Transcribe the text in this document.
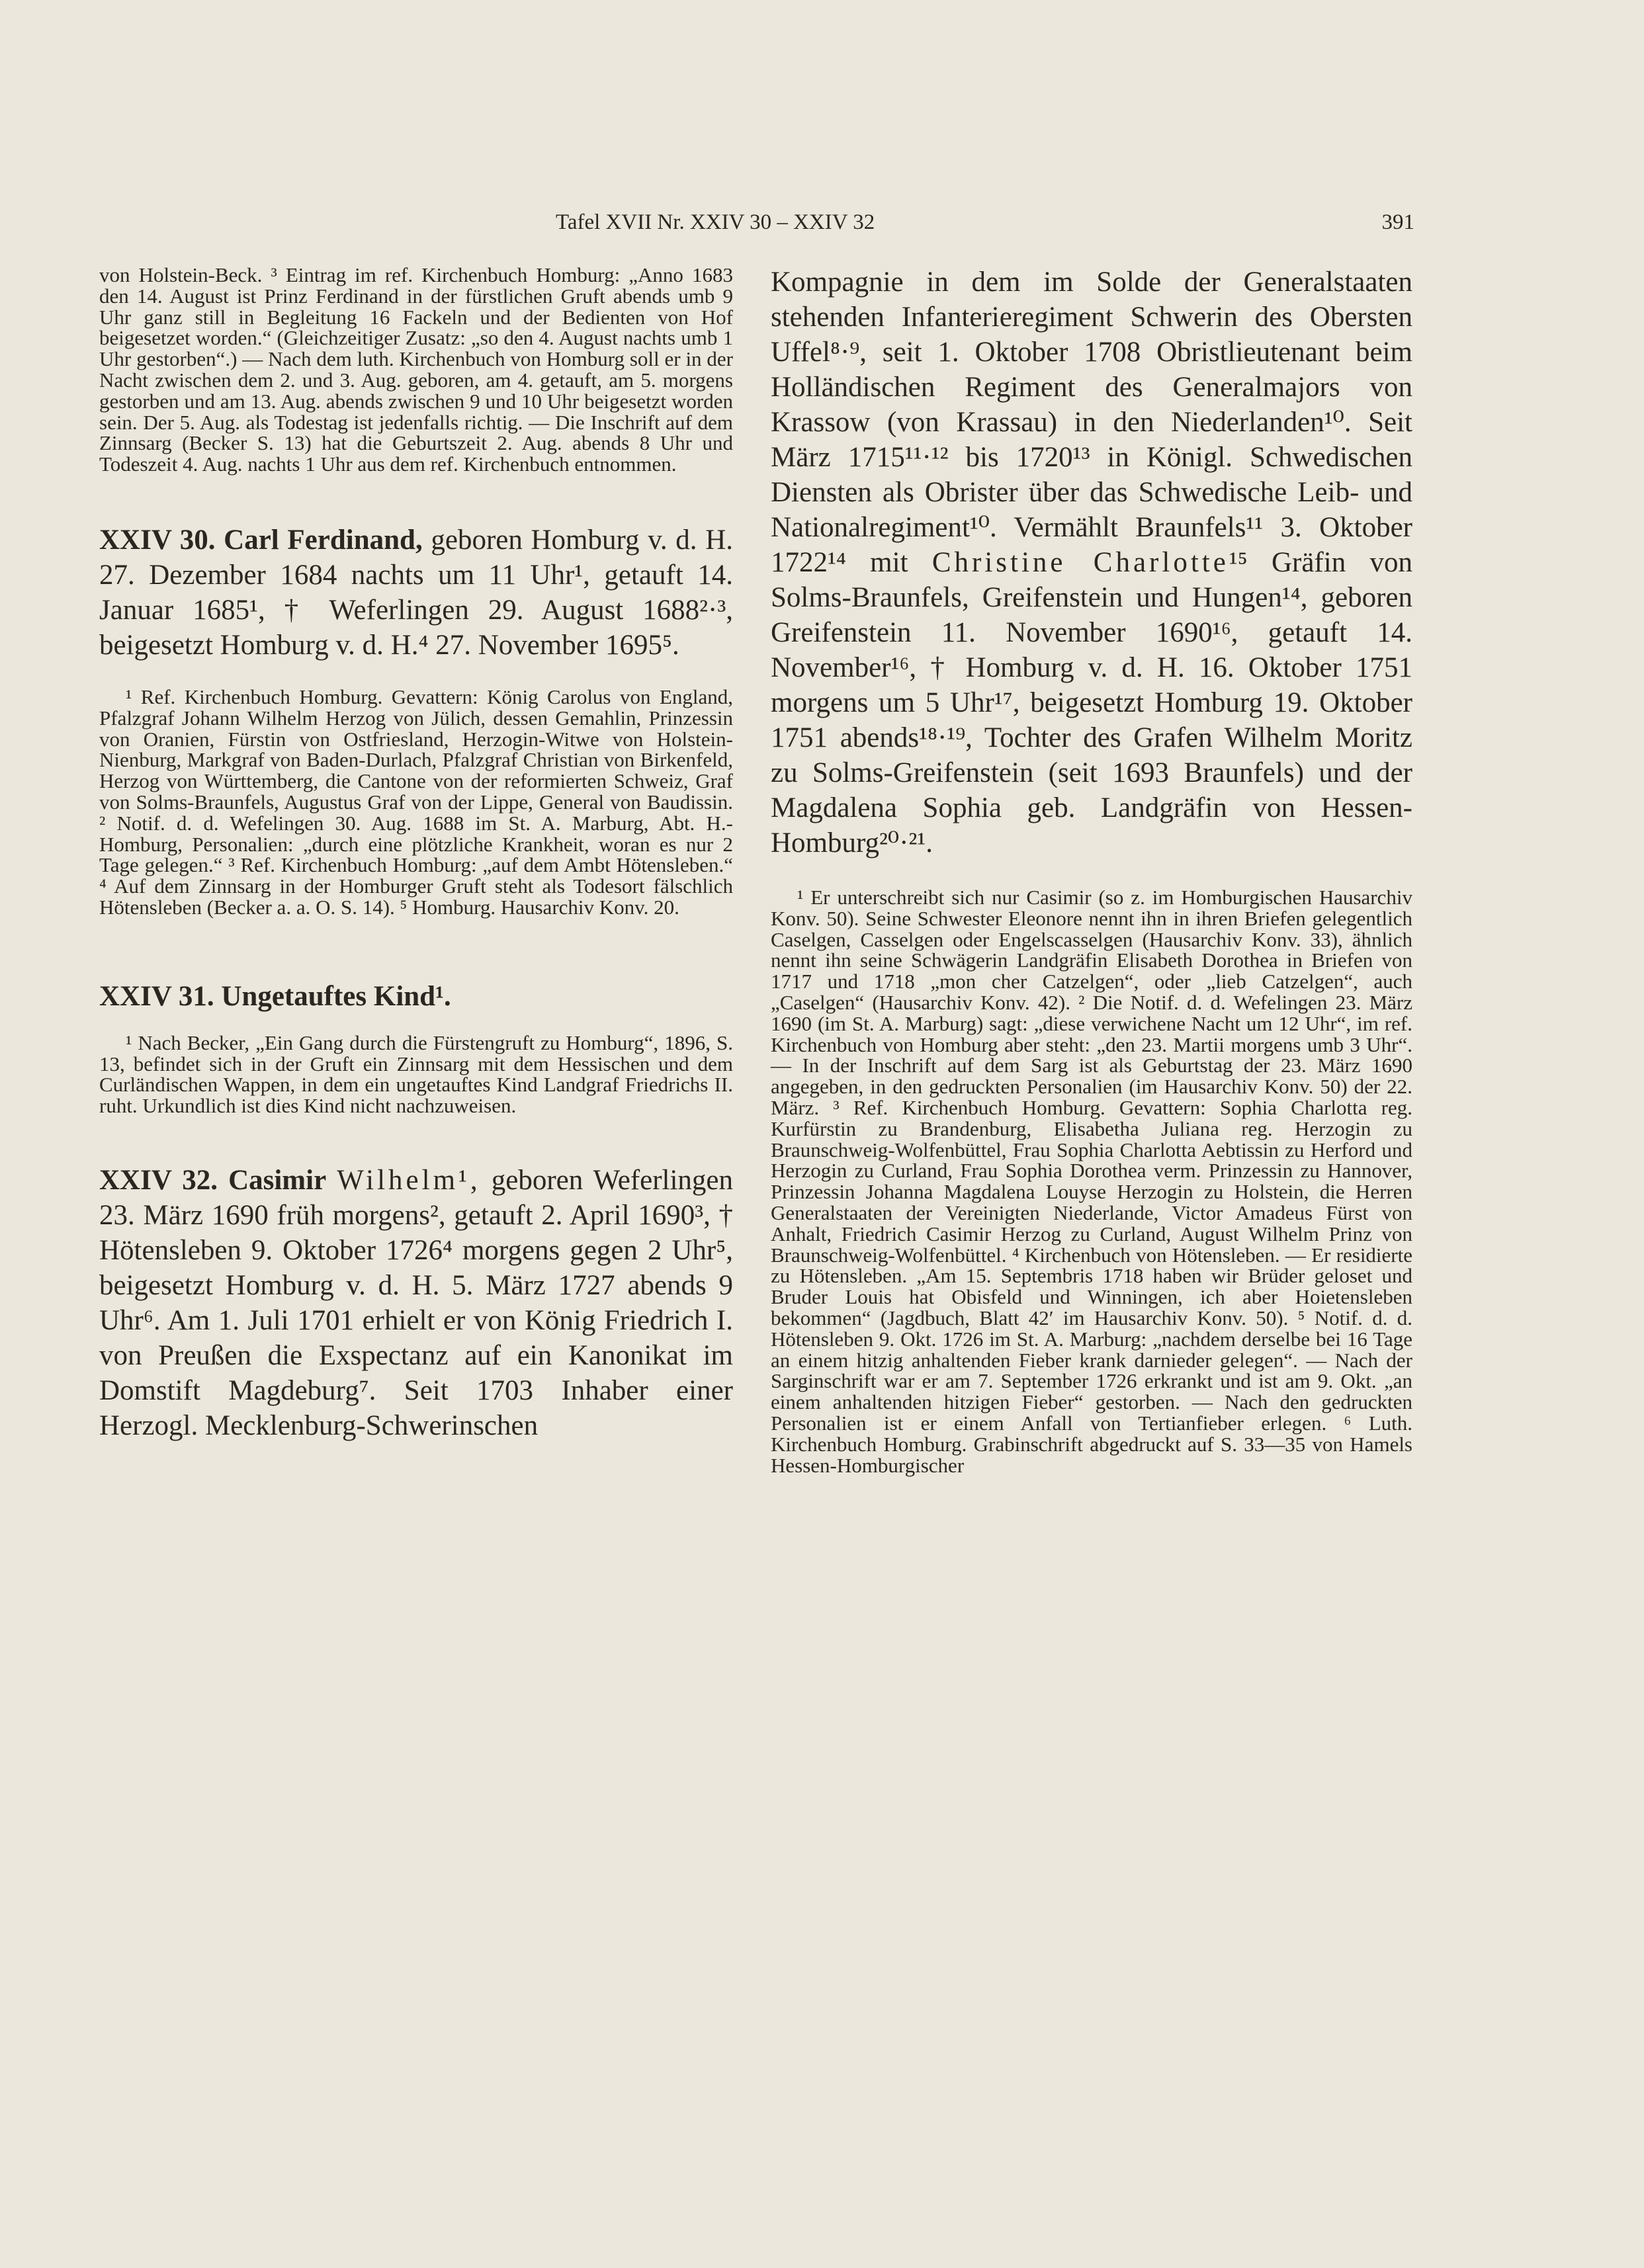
Tafel XVII Nr. XXIV 30 – XXIV 32	391

von Holstein-Beck. ³ Eintrag im ref. Kirchenbuch Homburg: „Anno 1683 den 14. August ist Prinz Ferdinand in der fürstlichen Gruft abends umb 9 Uhr ganz still in Begleitung 16 Fackeln und der Bedienten von Hof beigesetzet worden.“ (Gleichzeitiger Zusatz: „so den 4. August nachts umb 1 Uhr gestorben“.) — Nach dem luth. Kirchenbuch von Homburg soll er in der Nacht zwischen dem 2. und 3. Aug. geboren, am 4. getauft, am 5. morgens gestorben und am 13. Aug. abends zwischen 9 und 10 Uhr beigesetzt worden sein. Der 5. Aug. als Todestag ist jedenfalls richtig. — Die Inschrift auf dem Zinnsarg (Becker S. 13) hat die Geburtszeit 2. Aug. abends 8 Uhr und Todeszeit 4. Aug. nachts 1 Uhr aus dem ref. Kirchenbuch entnommen.

XXIV 30. Carl Ferdinand, geboren Homburg v. d. H. 27. Dezember 1684 nachts um 11 Uhr¹, getauft 14. Januar 1685¹, † Weferlingen 29. August 1688²·³, beigesetzt Homburg v. d. H.⁴ 27. November 1695⁵.

¹ Ref. Kirchenbuch Homburg. Gevattern: König Carolus von England, Pfalzgraf Johann Wilhelm Herzog von Jülich, dessen Gemahlin, Prinzessin von Oranien, Fürstin von Ostfriesland, Herzogin-Witwe von Holstein-Nienburg, Markgraf von Baden-Durlach, Pfalzgraf Christian von Birkenfeld, Herzog von Württemberg, die Cantone von der reformierten Schweiz, Graf von Solms-Braunfels, Augustus Graf von der Lippe, General von Baudissin. ² Notif. d. d. Wefelingen 30. Aug. 1688 im St. A. Marburg, Abt. H.-Homburg, Personalien: „durch eine plötzliche Krankheit, woran es nur 2 Tage gelegen.“ ³ Ref. Kirchenbuch Homburg: „auf dem Ambt Hötensleben.“ ⁴ Auf dem Zinnsarg in der Homburger Gruft steht als Todesort fälschlich Hötensleben (Becker a. a. O. S. 14). ⁵ Homburg. Hausarchiv Konv. 20.

XXIV 31. Ungetauftes Kind¹.

¹ Nach Becker, „Ein Gang durch die Fürstengruft zu Homburg“, 1896, S. 13, befindet sich in der Gruft ein Zinnsarg mit dem Hessischen und dem Curländischen Wappen, in dem ein ungetauftes Kind Landgraf Friedrichs II. ruht. Urkundlich ist dies Kind nicht nachzuweisen.

XXIV 32. Casimir Wilhelm¹, geboren Weferlingen 23. März 1690 früh morgens², getauft 2. April 1690³, † Hötensleben 9. Oktober 1726⁴ morgens gegen 2 Uhr⁵, beigesetzt Homburg v. d. H. 5. März 1727 abends 9 Uhr⁶. Am 1. Juli 1701 erhielt er von König Friedrich I. von Preußen die Exspectanz auf ein Kanonikat im Domstift Magdeburg⁷. Seit 1703 Inhaber einer Herzogl. Mecklenburg-Schwerinschen

Kompagnie in dem im Solde der Generalstaaten stehenden Infanterieregiment Schwerin des Obersten Uffel⁸·⁹, seit 1. Oktober 1708 Obristlieutenant beim Holländischen Regiment des Generalmajors von Krassow (von Krassau) in den Niederlanden¹⁰. Seit März 1715¹¹·¹² bis 1720¹³ in Königl. Schwedischen Diensten als Obrister über das Schwedische Leib- und Nationalregiment¹⁰. Vermählt Braunfels¹¹ 3. Oktober 1722¹⁴ mit Christine Charlotte¹⁵ Gräfin von Solms-Braunfels, Greifenstein und Hungen¹⁴, geboren Greifenstein 11. November 1690¹⁶, getauft 14. November¹⁶, † Homburg v. d. H. 16. Oktober 1751 morgens um 5 Uhr¹⁷, beigesetzt Homburg 19. Oktober 1751 abends¹⁸·¹⁹, Tochter des Grafen Wilhelm Moritz zu Solms-Greifenstein (seit 1693 Braunfels) und der Magdalena Sophia geb. Landgräfin von Hessen-Homburg²⁰·²¹.

¹ Er unterschreibt sich nur Casimir (so z. im Homburgischen Hausarchiv Konv. 50). Seine Schwester Eleonore nennt ihn in ihren Briefen gelegentlich Caselgen, Casselgen oder Engelscasselgen (Hausarchiv Konv. 33), ähnlich nennt ihn seine Schwägerin Landgräfin Elisabeth Dorothea in Briefen von 1717 und 1718 „mon cher Catzelgen“, oder „lieb Catzelgen“, auch „Caselgen“ (Hausarchiv Konv. 42). ² Die Notif. d. d. Wefelingen 23. März 1690 (im St. A. Marburg) sagt: „diese verwichene Nacht um 12 Uhr“, im ref. Kirchenbuch von Homburg aber steht: „den 23. Martii morgens umb 3 Uhr“. — In der Inschrift auf dem Sarg ist als Geburtstag der 23. März 1690 angegeben, in den gedruckten Personalien (im Hausarchiv Konv. 50) der 22. März. ³ Ref. Kirchenbuch Homburg. Gevattern: Sophia Charlotta reg. Kurfürstin zu Brandenburg, Elisabetha Juliana reg. Herzogin zu Braunschweig-Wolfenbüttel, Frau Sophia Charlotta Aebtissin zu Herford und Herzogin zu Curland, Frau Sophia Dorothea verm. Prinzessin zu Hannover, Prinzessin Johanna Magdalena Louyse Herzogin zu Holstein, die Herren Generalstaaten der Vereinigten Niederlande, Victor Amadeus Fürst von Anhalt, Friedrich Casimir Herzog zu Curland, August Wilhelm Prinz von Braunschweig-Wolfenbüttel. ⁴ Kirchenbuch von Hötensleben. — Er residierte zu Hötensleben. „Am 15. Septembris 1718 haben wir Brüder geloset und Bruder Louis hat Obisfeld und Winningen, ich aber Hoietensleben bekommen“ (Jagdbuch, Blatt 42′ im Hausarchiv Konv. 50). ⁵ Notif. d. d. Hötensleben 9. Okt. 1726 im St. A. Marburg: „nachdem derselbe bei 16 Tage an einem hitzig anhaltenden Fieber krank darnieder gelegen“. — Nach der Sarginschrift war er am 7. September 1726 erkrankt und ist am 9. Okt. „an einem anhaltenden hitzigen Fieber“ gestorben. — Nach den gedruckten Personalien ist er einem Anfall von Tertianfieber erlegen. ⁶ Luth. Kirchenbuch Homburg. Grabinschrift abgedruckt auf S. 33—35 von Hamels Hessen-Homburgischer
